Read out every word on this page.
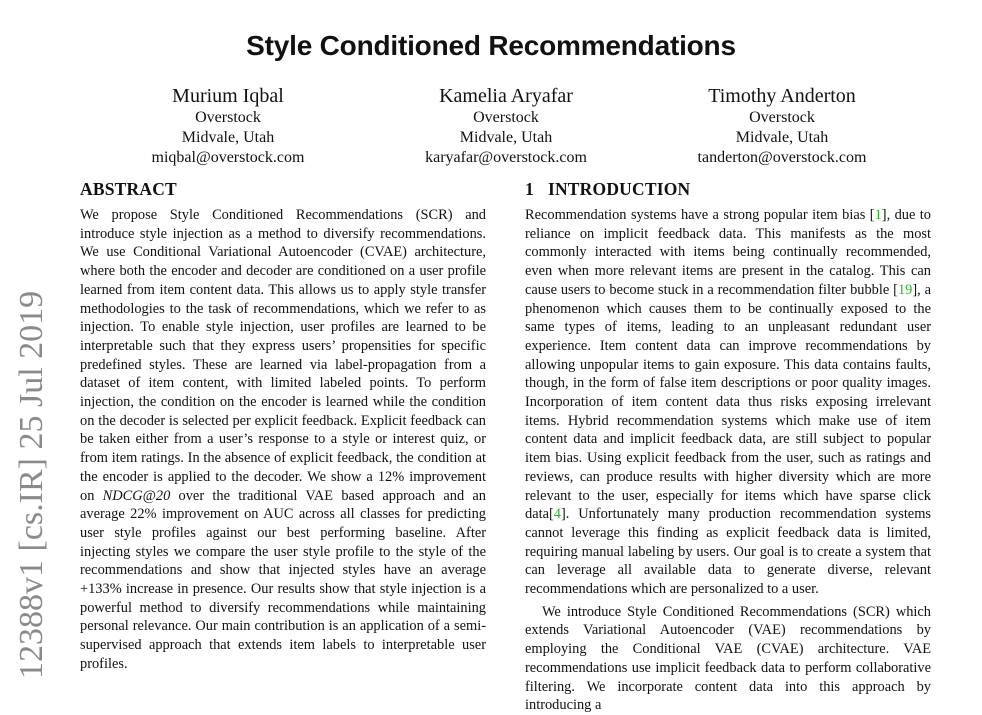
12388v1 [cs.IR] 25 Jul 2019
Style Conditioned Recommendations
Murium Iqbal
Overstock
Midvale, Utah
miqbal@overstock.com
Kamelia Aryafar
Overstock
Midvale, Utah
karyafar@overstock.com
Timothy Anderton
Overstock
Midvale, Utah
tanderton@overstock.com
ABSTRACT

We propose Style Conditioned Recommendations (SCR) and introduce style injection as a method to diversify recommendations. We use Conditional Variational Autoencoder (CVAE) architecture, where both the encoder and decoder are conditioned on a user profile learned from item content data. This allows us to apply style transfer methodologies to the task of recommendations, which we refer to as injection. To enable style injection, user profiles are learned to be interpretable such that they express users’ propensities for specific predefined styles. These are learned via label-propagation from a dataset of item content, with limited labeled points. To perform injection, the condition on the encoder is learned while the condition on the decoder is selected per explicit feedback. Explicit feedback can be taken either from a user’s response to a style or interest quiz, or from item ratings. In the absence of explicit feedback, the condition at the encoder is applied to the decoder. We show a 12% improvement on NDCG@20 over the traditional VAE based approach and an average 22% improvement on AUC across all classes for predicting user style profiles against our best performing baseline. After injecting styles we compare the user style profile to the style of the recommendations and show that injected styles have an average +133% increase in presence. Our results show that style injection is a powerful method to diversify recommendations while maintaining personal relevance. Our main contribution is an application of a semi-supervised approach that extends item labels to interpretable user profiles.

1 INTRODUCTION

Recommendation systems have a strong popular item bias [1], due to reliance on implicit feedback data. This manifests as the most commonly interacted with items being continually recommended, even when more relevant items are present in the catalog. This can cause users to become stuck in a recommendation filter bubble [19], a phenomenon which causes them to be continually exposed to the same types of items, leading to an unpleasant redundant user experience. Item content data can improve recommendations by allowing unpopular items to gain exposure. This data contains faults, though, in the form of false item descriptions or poor quality images. Incorporation of item content data thus risks exposing irrelevant items. Hybrid recommendation systems which make use of item content data and implicit feedback data, are still subject to popular item bias. Using explicit feedback from the user, such as ratings and reviews, can produce results with higher diversity which are more relevant to the user, especially for items which have sparse click data[4]. Unfortunately many production recommendation systems cannot leverage this finding as explicit feedback data is limited, requiring manual labeling by users. Our goal is to create a system that can leverage all available data to generate diverse, relevant recommendations which are personalized to a user.

We introduce Style Conditioned Recommendations (SCR) which extends Variational Autoencoder (VAE) recommendations by employing the Conditional VAE (CVAE) architecture. VAE recommendations use implicit feedback data to perform collaborative filtering. We incorporate content data into this approach by introducing a
